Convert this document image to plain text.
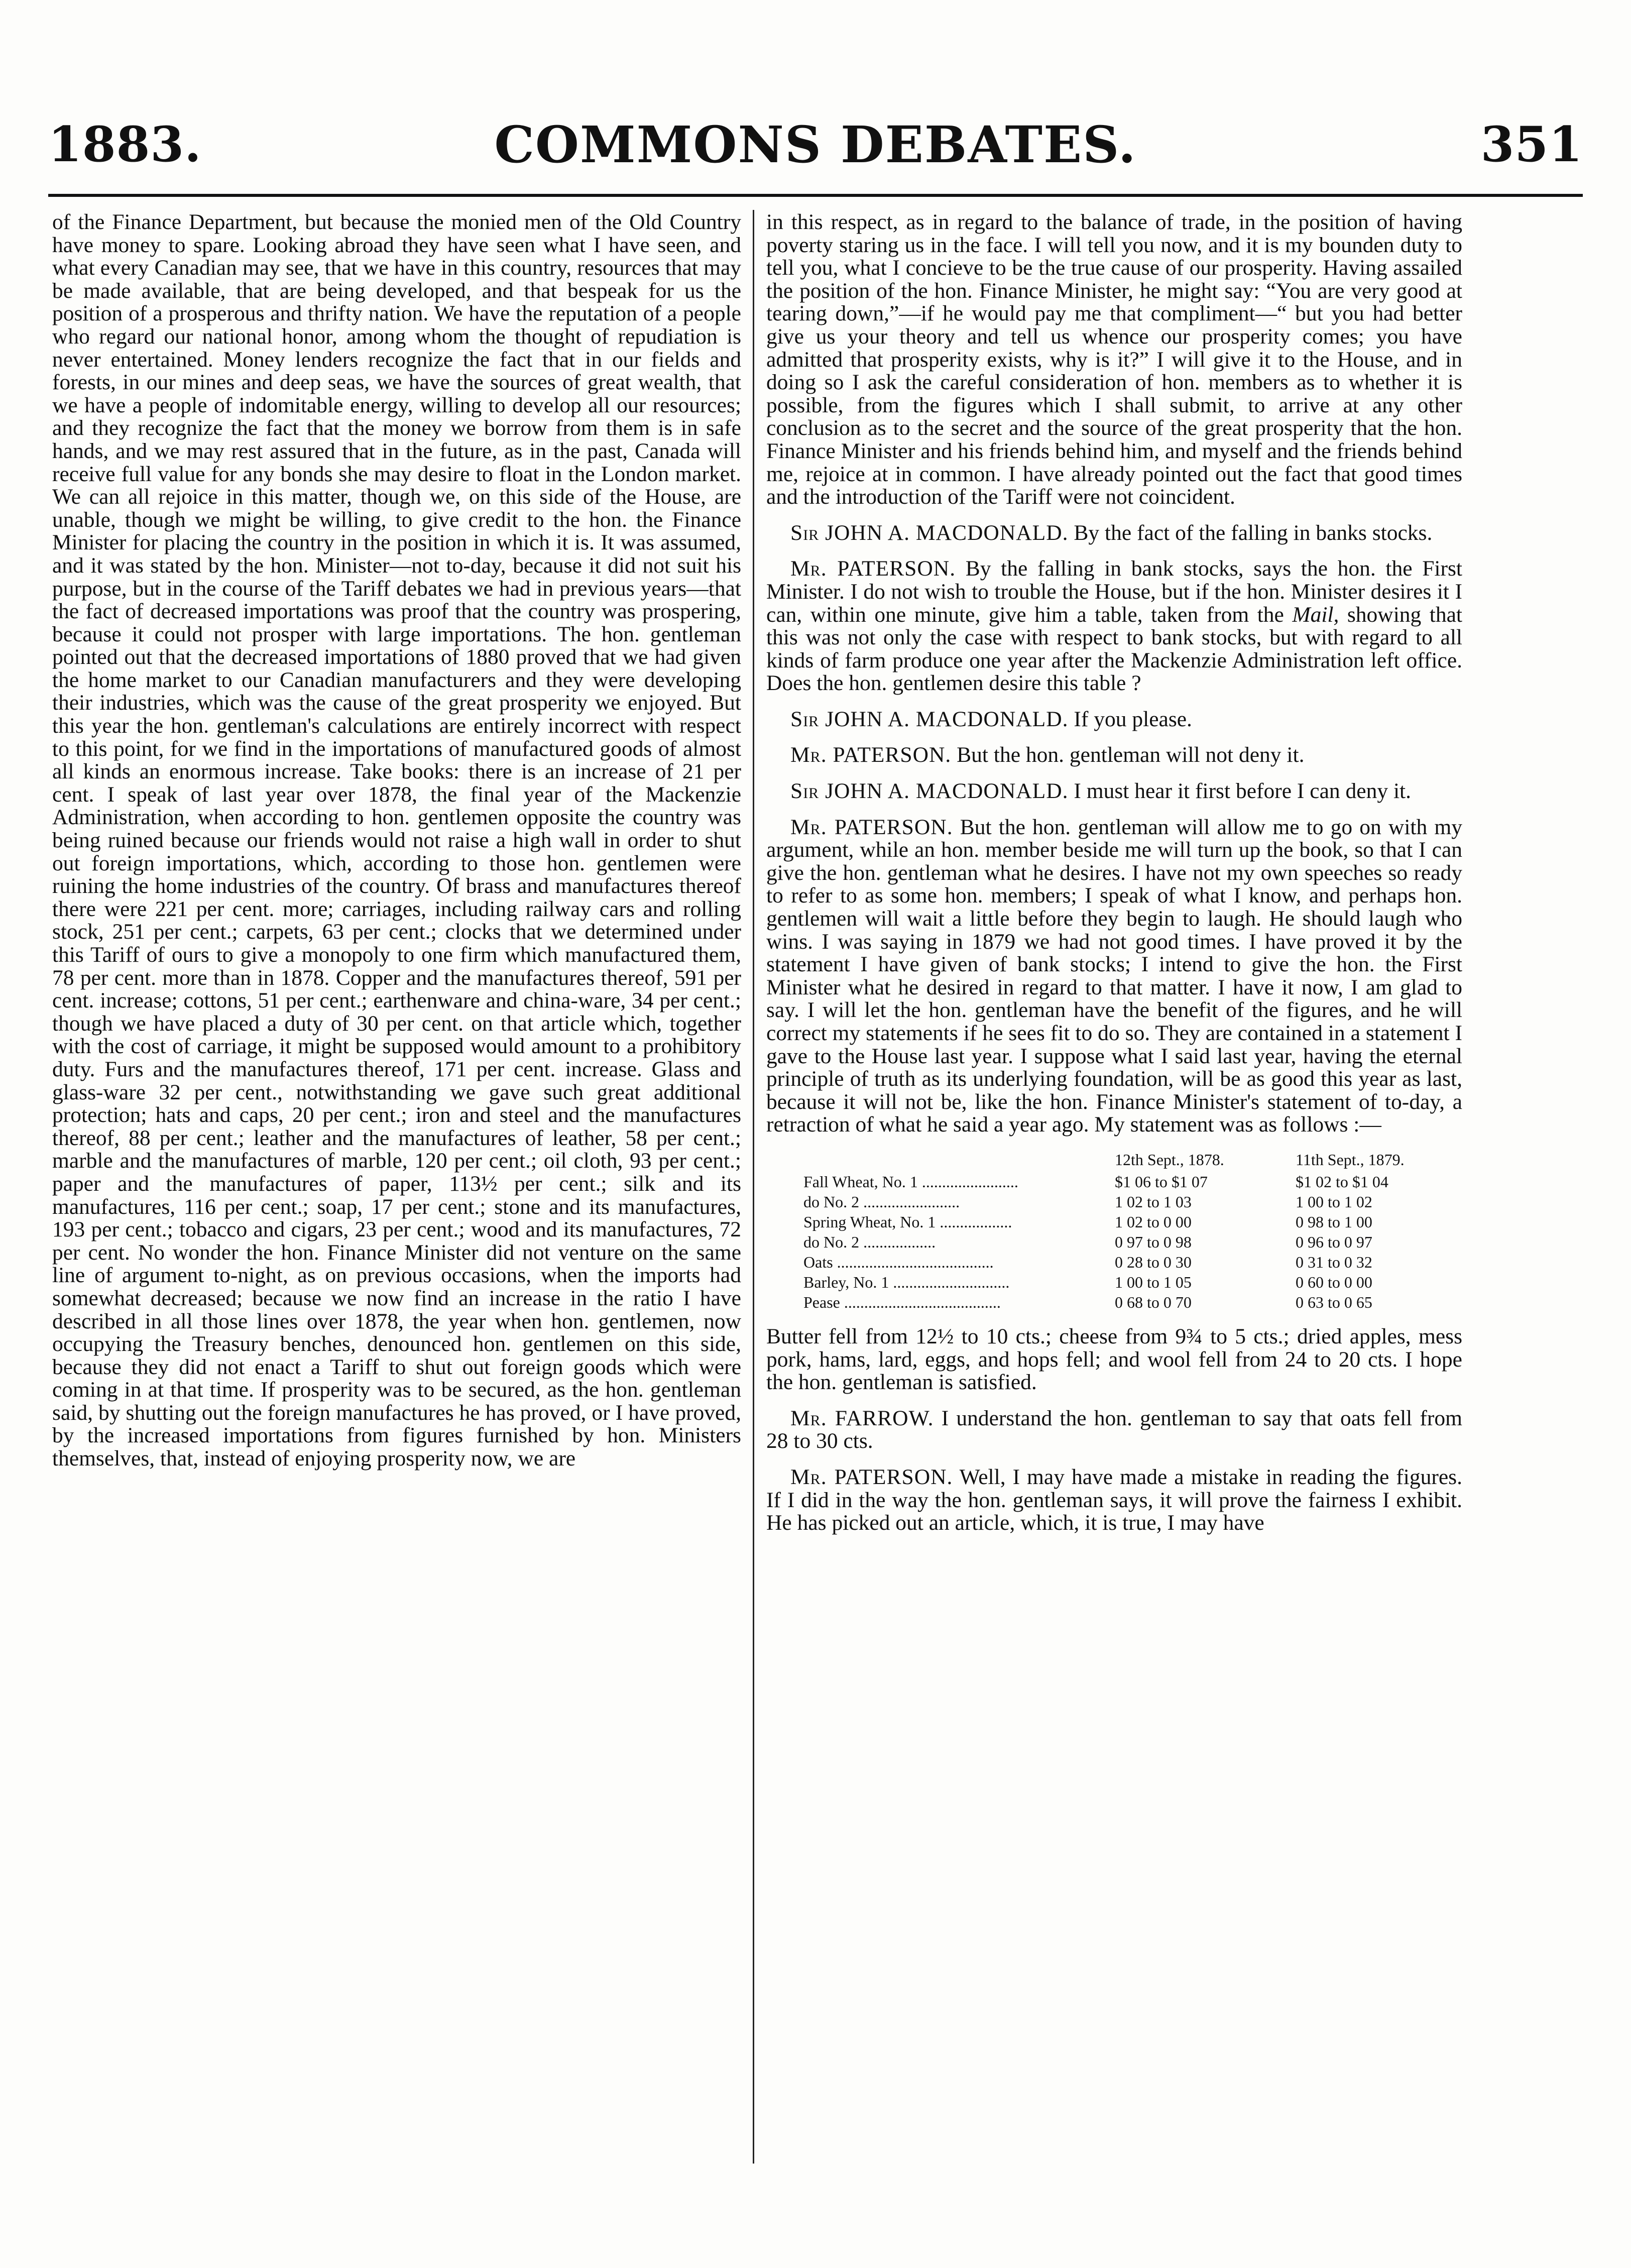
COMMONS DEBATES.
1883.	351

of the Finance Department, but because the monied men of the Old Country have money to spare. Looking abroad they have seen what I have seen, and what every Canadian may see, that we have in this country, resources that may be made available, that are being developed, and that bespeak for us the position of a prosperous and thrifty nation. We have the reputation of a people who regard our national honor, among whom the thought of repudiation is never entertained. Money lenders recognize the fact that in our fields and forests, in our mines and deep seas, we have the sources of great wealth, that we have a people of indomitable energy, willing to develop all our resources; and they recognize the fact that the money we borrow from them is in safe hands, and we may rest assured that in the future, as in the past, Canada will receive full value for any bonds she may desire to float in the London market. We can all rejoice in this matter, though we, on this side of the House, are unable, though we might be willing, to give credit to the hon. the Finance Minister for placing the country in the position in which it is. It was assumed, and it was stated by the hon. Minister—not to-day, because it did not suit his purpose, but in the course of the Tariff debates we had in previous years—that the fact of decreased importations was proof that the country was prospering, because it could not prosper with large importations. The hon. gentleman pointed out that the decreased importations of 1880 proved that we had given the home market to our Canadian manufacturers and they were developing their industries, which was the cause of the great prosperity we enjoyed. But this year the hon. gentleman's calculations are entirely incorrect with respect to this point, for we find in the importations of manufactured goods of almost all kinds an enormous increase. Take books: there is an increase of 21 per cent. I speak of last year over 1878, the final year of the Mackenzie Administration, when according to hon. gentlemen opposite the country was being ruined because our friends would not raise a high wall in order to shut out foreign importations, which, according to those hon. gentlemen were ruining the home industries of the country. Of brass and manufactures thereof there were 221 per cent. more; carriages, including railway cars and rolling stock, 251 per cent.; carpets, 63 per cent.; clocks that we determined under this Tariff of ours to give a monopoly to one firm which manufactured them, 78 per cent. more than in 1878. Copper and the manufactures thereof, 591 per cent. increase; cottons, 51 per cent.; earthenware and china-ware, 34 per cent.; though we have placed a duty of 30 per cent. on that article which, together with the cost of carriage, it might be supposed would amount to a prohibitory duty. Furs and the manufactures thereof, 171 per cent. increase. Glass and glass-ware 32 per cent., notwithstanding we gave such great additional protection; hats and caps, 20 per cent.; iron and steel and the manufactures thereof, 88 per cent.; leather and the manufactures of leather, 58 per cent.; marble and the manufactures of marble, 120 per cent.; oil cloth, 93 per cent.; paper and the manufactures of paper, 113½ per cent.; silk and its manufactures, 116 per cent.; soap, 17 per cent.; stone and its manufactures, 193 per cent.; tobacco and cigars, 23 per cent.; wood and its manufactures, 72 per cent. No wonder the hon. Finance Minister did not venture on the same line of argument to-night, as on previous occasions, when the imports had somewhat decreased; because we now find an increase in the ratio I have described in all those lines over 1878, the year when hon. gentlemen, now occupying the Treasury benches, denounced hon. gentlemen on this side, because they did not enact a Tariff to shut out foreign goods which were coming in at that time. If prosperity was to be secured, as the hon. gentleman said, by shutting out the foreign manufactures he has proved, or I have proved, by the increased importations from figures furnished by hon. Ministers themselves, that, instead of enjoying prosperity now, we are

in this respect, as in regard to the balance of trade, in the position of having poverty staring us in the face. I will tell you now, and it is my bounden duty to tell you, what I concieve to be the true cause of our prosperity. Having assailed the position of the hon. Finance Minister, he might say: “You are very good at tearing down,”—if he would pay me that compliment—“ but you had better give us your theory and tell us whence our prosperity comes; you have admitted that prosperity exists, why is it?” I will give it to the House, and in doing so I ask the careful consideration of hon. members as to whether it is possible, from the figures which I shall submit, to arrive at any other conclusion as to the secret and the source of the great prosperity that the hon. Finance Minister and his friends behind him, and myself and the friends behind me, rejoice at in common. I have already pointed out the fact that good times and the introduction of the Tariff were not coincident.

Sir JOHN A. MACDONALD. By the fact of the falling in banks stocks.

Mr. PATERSON. By the falling in bank stocks, says the hon. the First Minister. I do not wish to trouble the House, but if the hon. Minister desires it I can, within one minute, give him a table, taken from the Mail, showing that this was not only the case with respect to bank stocks, but with regard to all kinds of farm produce one year after the Mackenzie Administration left office. Does the hon. gentlemen desire this table ?

Sir JOHN A. MACDONALD. If you please.

Mr. PATERSON. But the hon. gentleman will not deny it.

Sir JOHN A. MACDONALD. I must hear it first before I can deny it.

Mr. PATERSON. But the hon. gentleman will allow me to go on with my argument, while an hon. member beside me will turn up the book, so that I can give the hon. gentleman what he desires. I have not my own speeches so ready to refer to as some hon. members; I speak of what I know, and perhaps hon. gentlemen will wait a little before they begin to laugh. He should laugh who wins. I was saying in 1879 we had not good times. I have proved it by the statement I have given of bank stocks; I intend to give the hon. the First Minister what he desired in regard to that matter. I have it now, I am glad to say. I will let the hon. gentleman have the benefit of the figures, and he will correct my statements if he sees fit to do so. They are contained in a statement I gave to the House last year. I suppose what I said last year, having the eternal principle of truth as its underlying foundation, will be as good this year as last, because it will not be, like the hon. Finance Minister's statement of to-day, a retraction of what he said a year ago. My statement was as follows :—

	12th Sept., 1878.	11th Sept., 1879.
Fall Wheat, No. 1 ........................	$1 06 to $1 07	$1 02 to $1 04
do No. 2 ........................	1 02 to 1 03	1 00 to 1 02
Spring Wheat, No. 1 ..................	1 02 to 0 00	0 98 to 1 00
do No. 2 ..................	0 97 to 0 98	0 96 to 0 97
Oats .......................................	0 28 to 0 30	0 31 to 0 32
Barley, No. 1 .............................	1 00 to 1 05	0 60 to 0 00
Pease .......................................	0 68 to 0 70	0 63 to 0 65

Butter fell from 12½ to 10 cts.; cheese from 9¾ to 5 cts.; dried apples, mess pork, hams, lard, eggs, and hops fell; and wool fell from 24 to 20 cts. I hope the hon. gentleman is satisfied.

Mr. FARROW. I understand the hon. gentleman to say that oats fell from 28 to 30 cts.

Mr. PATERSON. Well, I may have made a mistake in reading the figures. If I did in the way the hon. gentleman says, it will prove the fairness I exhibit. He has picked out an article, which, it is true, I may have
